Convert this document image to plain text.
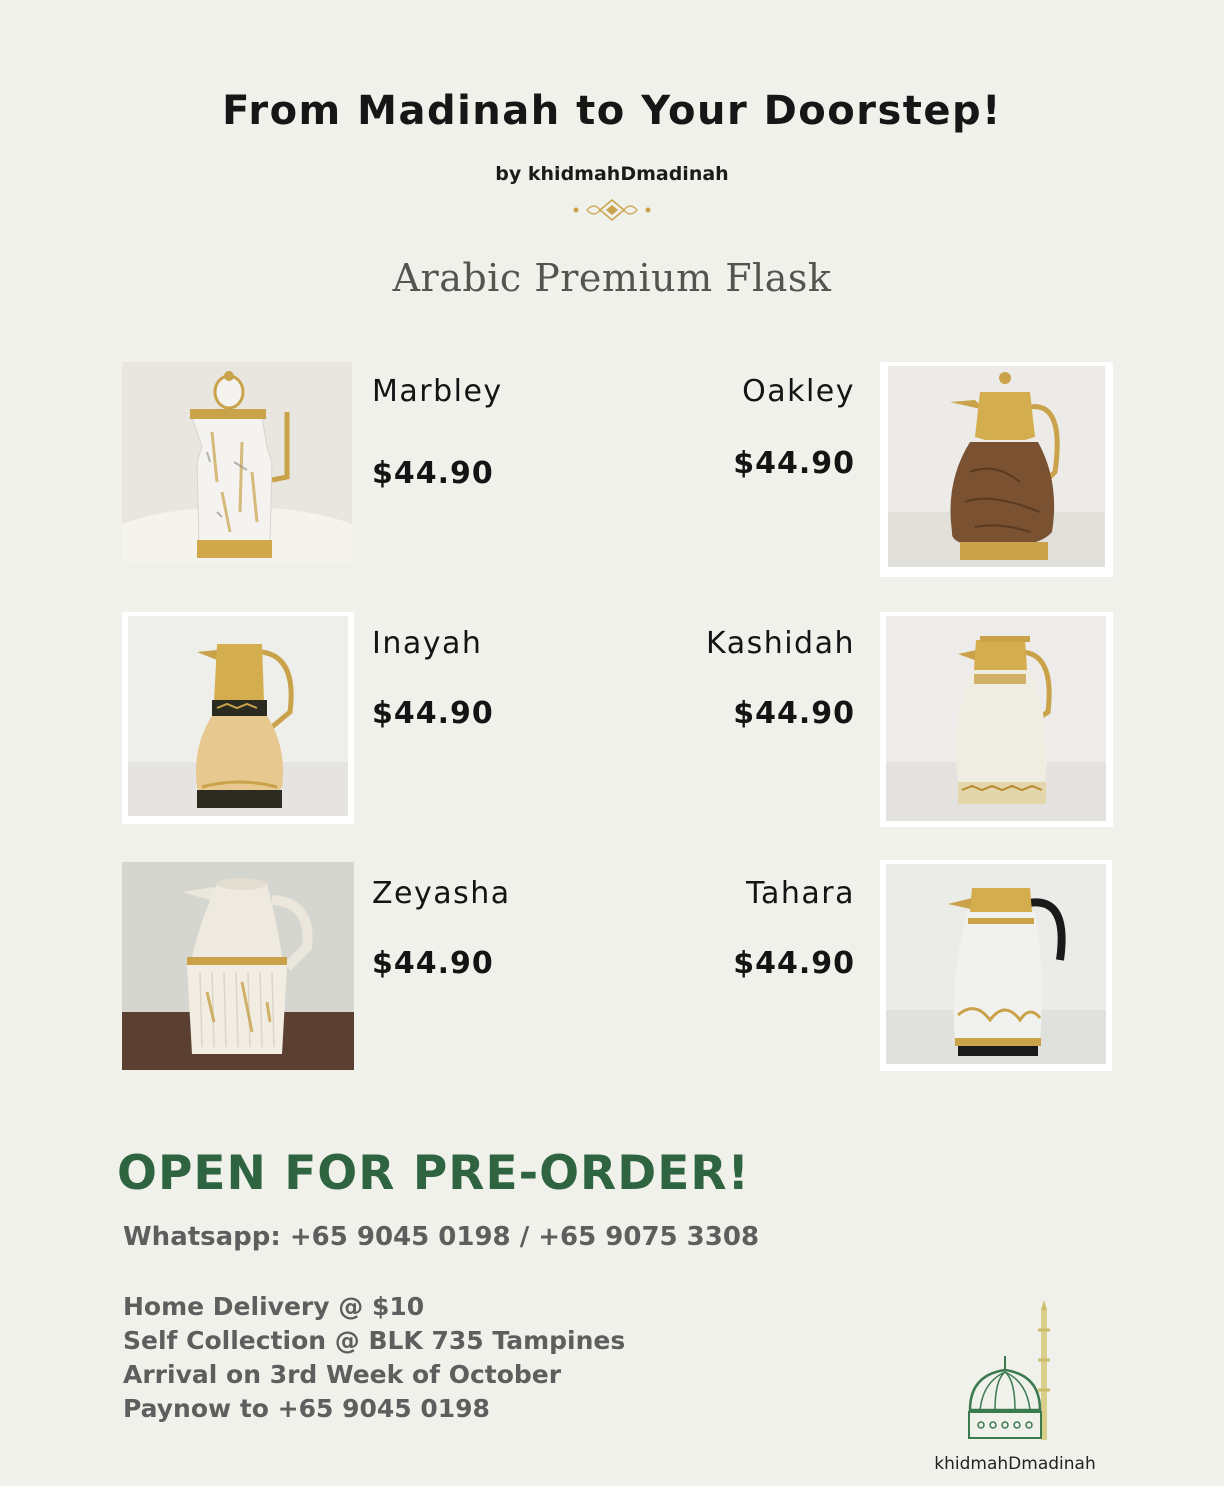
From Madinah to Your Doorstep!
by khidmahDmadinah
Arabic Premium Flask
Marbley
$44.90
Oakley
$44.90
Inayah
$44.90
Kashidah
$44.90
Zeyasha
$44.90
Tahara
$44.90
OPEN FOR PRE-ORDER!
Whatsapp: +65 9045 0198 / +65 9075 3308
Home Delivery @ $10
Self Collection @ BLK 735 Tampines
Arrival on 3rd Week of October
Paynow to +65 9045 0198
khidmahDmadinah
